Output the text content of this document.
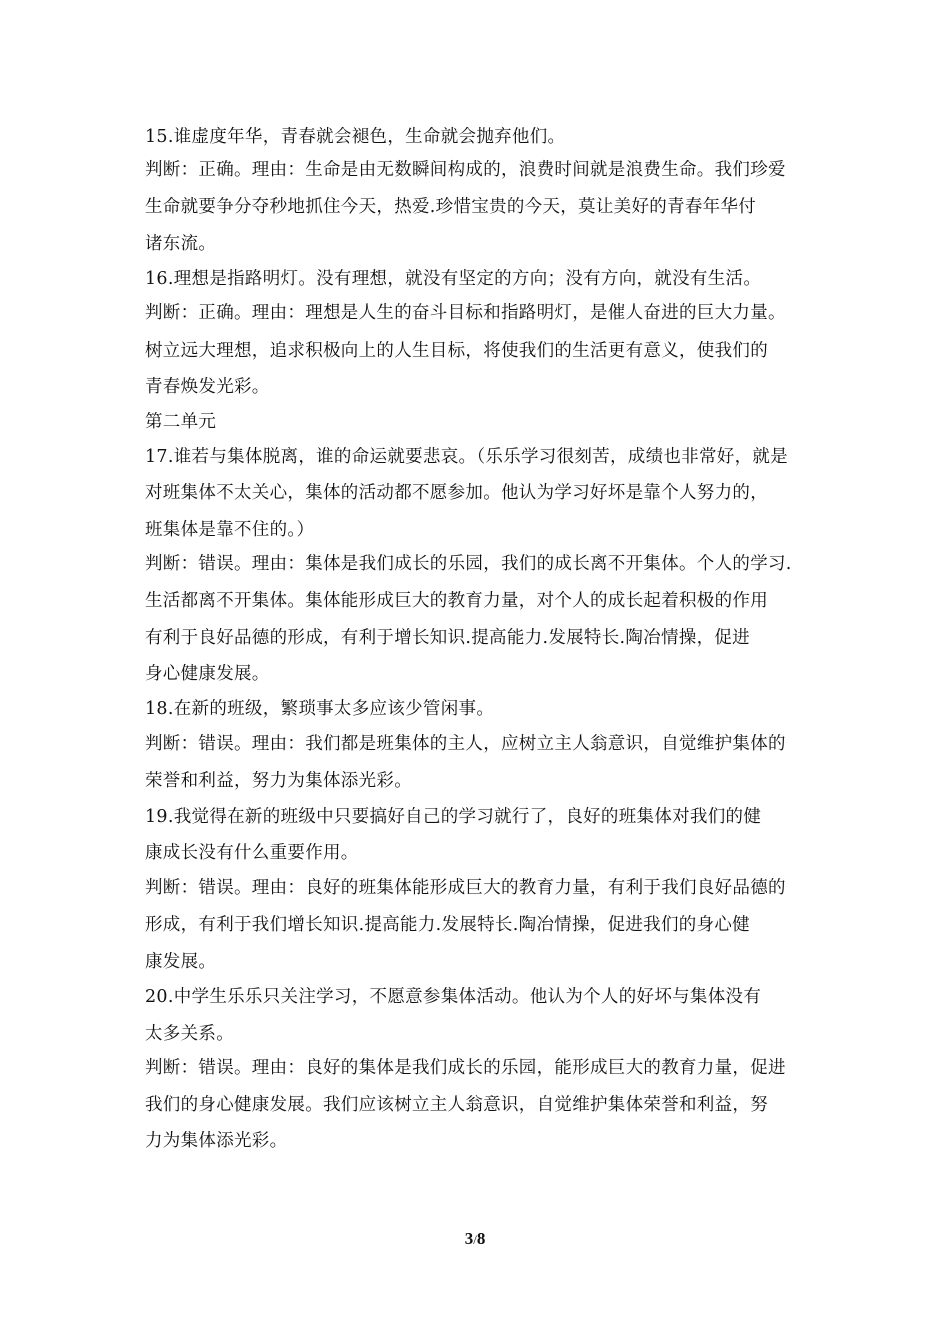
15.谁虚度年华，青春就会褪色，生命就会抛弃他们。
判断：正确。理由：生命是由无数瞬间构成的，浪费时间就是浪费生命。我们珍爱
生命就要争分夺秒地抓住今天，热爱.珍惜宝贵的今天，莫让美好的青春年华付
诸东流。
16.理想是指路明灯。没有理想，就没有坚定的方向；没有方向，就没有生活。
判断：正确。理由：理想是人生的奋斗目标和指路明灯，是催人奋进的巨大力量。
树立远大理想，追求积极向上的人生目标，将使我们的生活更有意义，使我们的
青春焕发光彩。
第二单元
17.谁若与集体脱离，谁的命运就要悲哀。（乐乐学习很刻苦，成绩也非常好，就是
对班集体不太关心，集体的活动都不愿参加。他认为学习好坏是靠个人努力的，
班集体是靠不住的。）
判断：错误。理由：集体是我们成长的乐园，我们的成长离不开集体。个人的学习.
生活都离不开集体。集体能形成巨大的教育力量，对个人的成长起着积极的作用
有利于良好品德的形成，有利于增长知识.提高能力.发展特长.陶冶情操，促进
身心健康发展。
18.在新的班级，繁琐事太多应该少管闲事。
判断：错误。理由：我们都是班集体的主人，应树立主人翁意识，自觉维护集体的
荣誉和利益，努力为集体添光彩。
19.我觉得在新的班级中只要搞好自己的学习就行了，良好的班集体对我们的健
康成长没有什么重要作用。
判断：错误。理由：良好的班集体能形成巨大的教育力量，有利于我们良好品德的
形成，有利于我们增长知识.提高能力.发展特长.陶冶情操，促进我们的身心健
康发展。
20.中学生乐乐只关注学习，不愿意参集体活动。他认为个人的好坏与集体没有
太多关系。
判断：错误。理由：良好的集体是我们成长的乐园，能形成巨大的教育力量，促进
我们的身心健康发展。我们应该树立主人翁意识，自觉维护集体荣誉和利益，努
力为集体添光彩。
3/8
